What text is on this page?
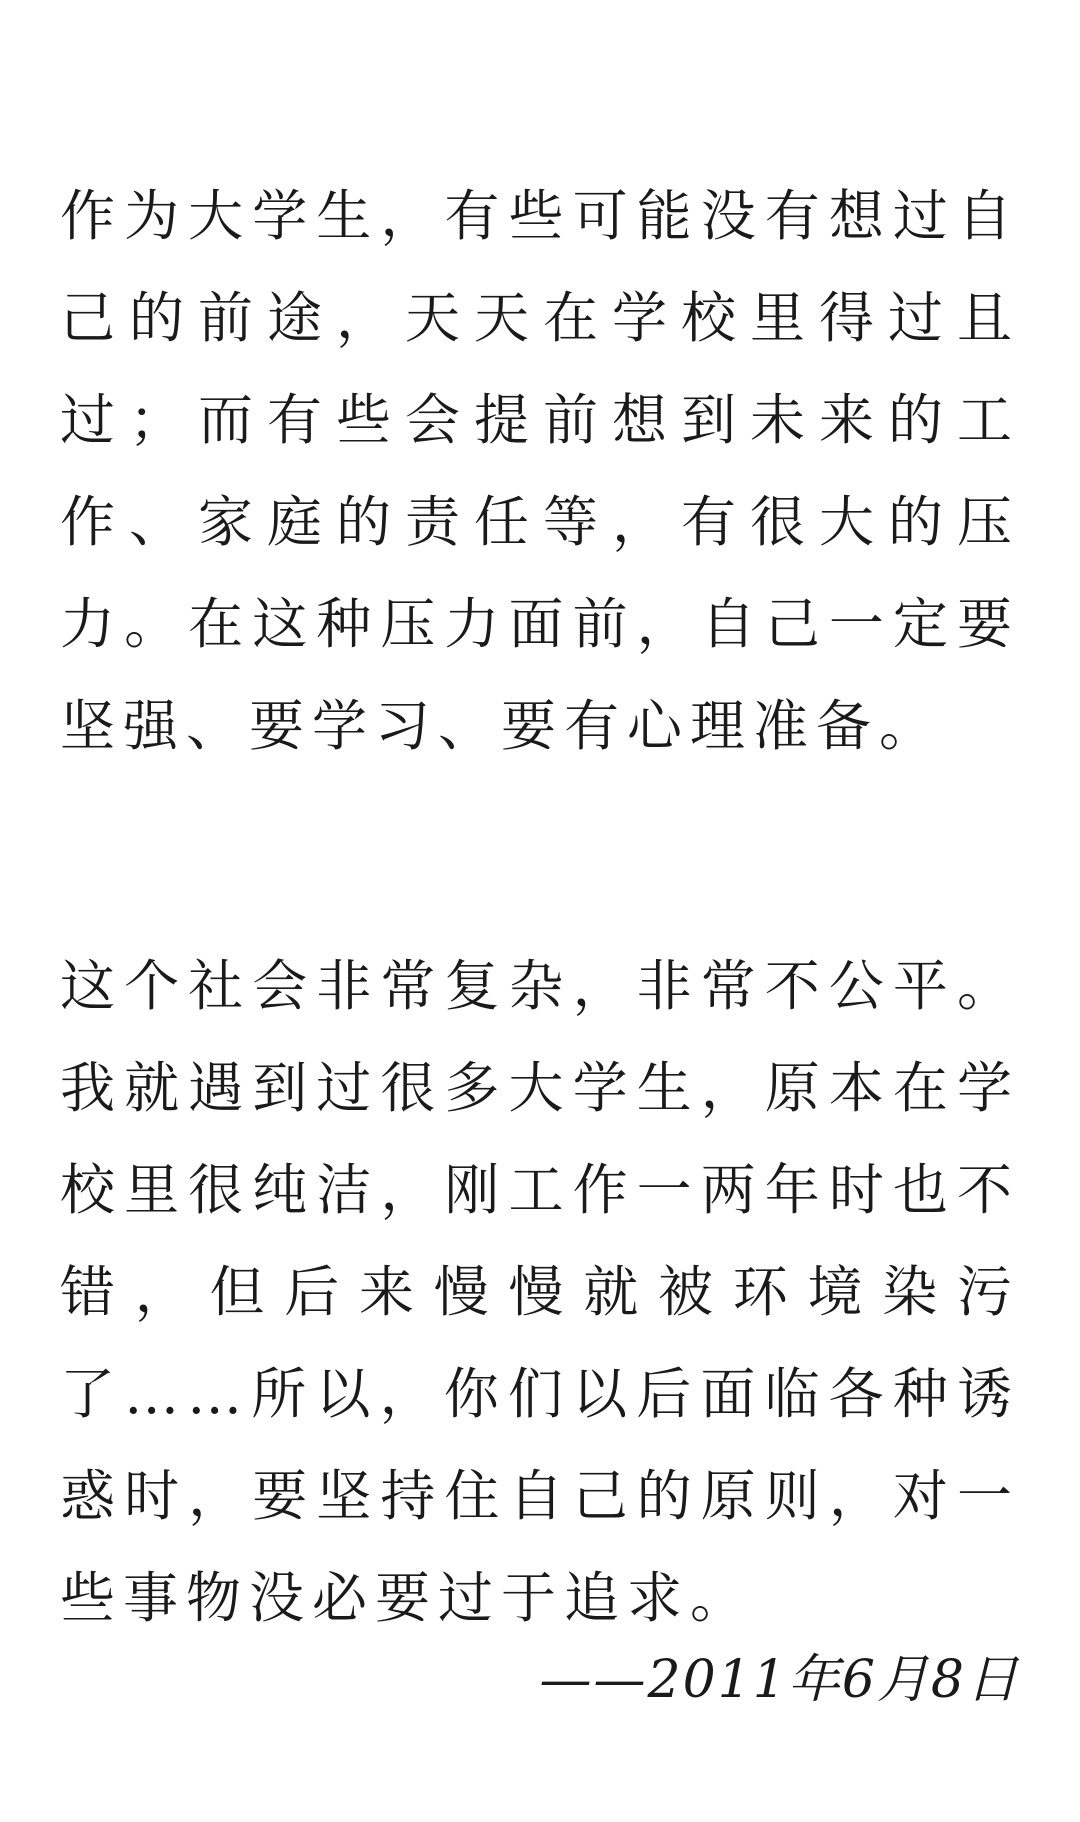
作为大学生，有些可能没有想过自己的前途，天天在学校里得过且过；而有些会提前想到未来的工作、家庭的责任等，有很大的压力。在这种压力面前，自己一定要坚强、要学习、要有心理准备。

这个社会非常复杂，非常不公平。我就遇到过很多大学生，原本在学校里很纯洁，刚工作一两年时也不错，但后来慢慢就被环境染污了……所以，你们以后面临各种诱惑时，要坚持住自己的原则，对一些事物没必要过于追求。

——2011年6月8日
